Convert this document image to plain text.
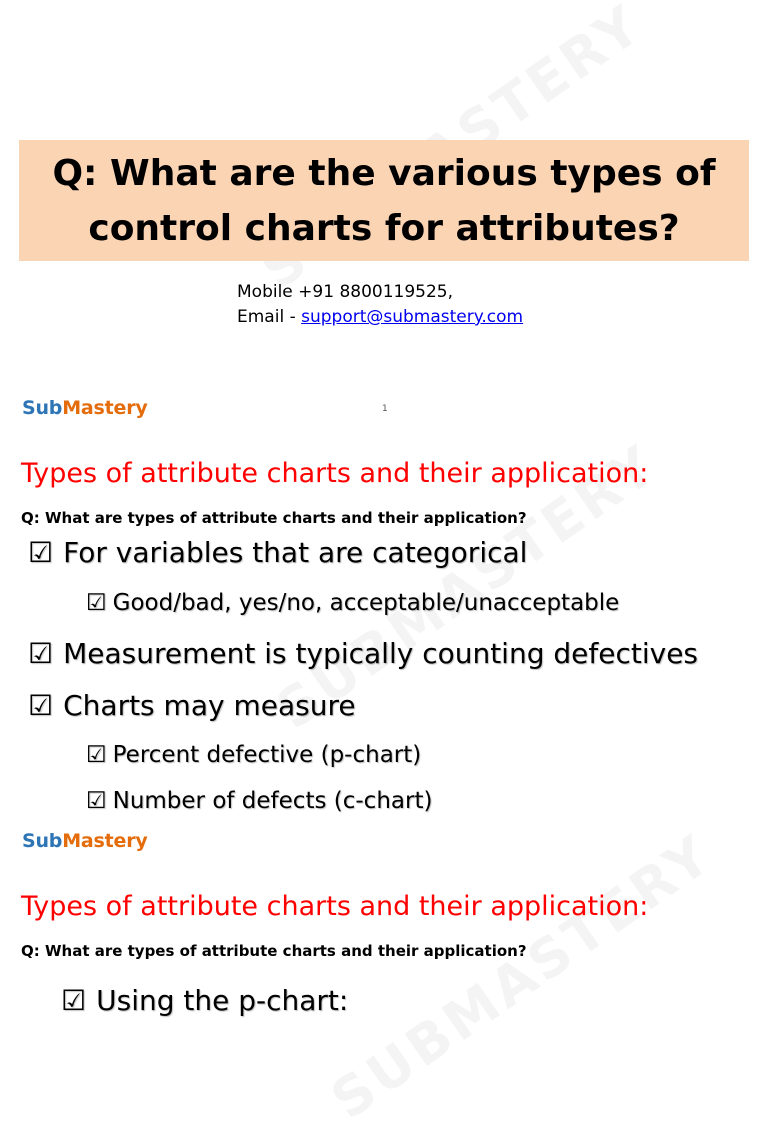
Q: What are the various types of
control charts for attributes?
Mobile +91 8800119525,
Email - support@submastery.com
SubMastery	1
Types of attribute charts and their application:
Q: What are types of attribute charts and their application?
☑ For variables that are categorical
☑ Good/bad, yes/no, acceptable/unacceptable
☑ Measurement is typically counting defectives
☑ Charts may measure
☑ Percent defective (p-chart)
☑ Number of defects (c-chart)
SubMastery
Types of attribute charts and their application:
Q: What are types of attribute charts and their application?
☑ Using the p-chart:
